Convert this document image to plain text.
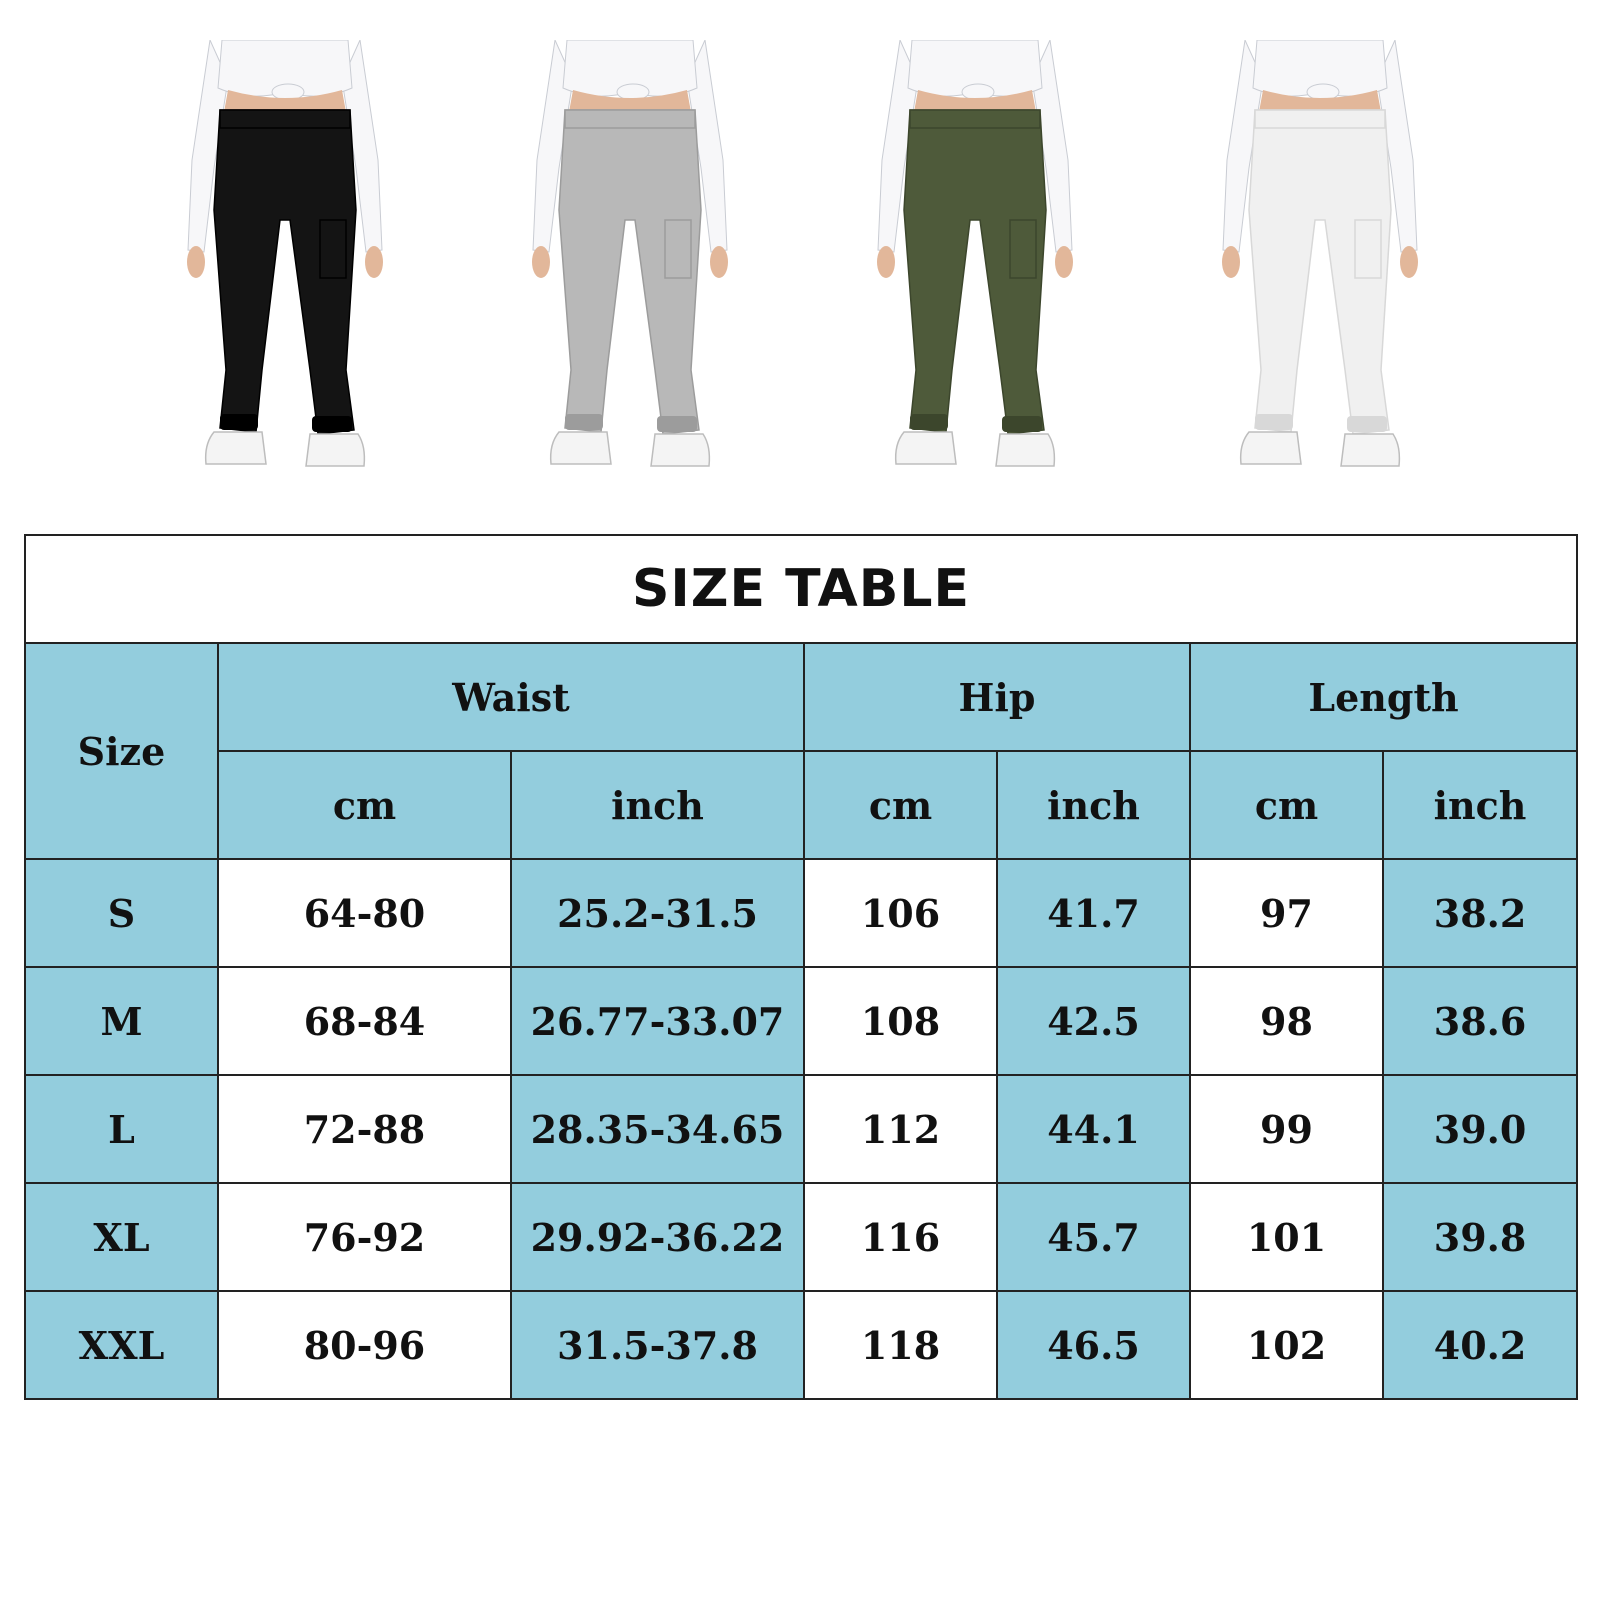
SIZE TABLE						
Size	Waist		Hip		Length	
	cm	inch	cm	inch	cm	inch
S	64-80	25.2-31.5	106	41.7	97	38.2
M	68-84	26.77-33.07	108	42.5	98	38.6
L	72-88	28.35-34.65	112	44.1	99	39.0
XL	76-92	29.92-36.22	116	45.7	101	39.8
XXL	80-96	31.5-37.8	118	46.5	102	40.2
